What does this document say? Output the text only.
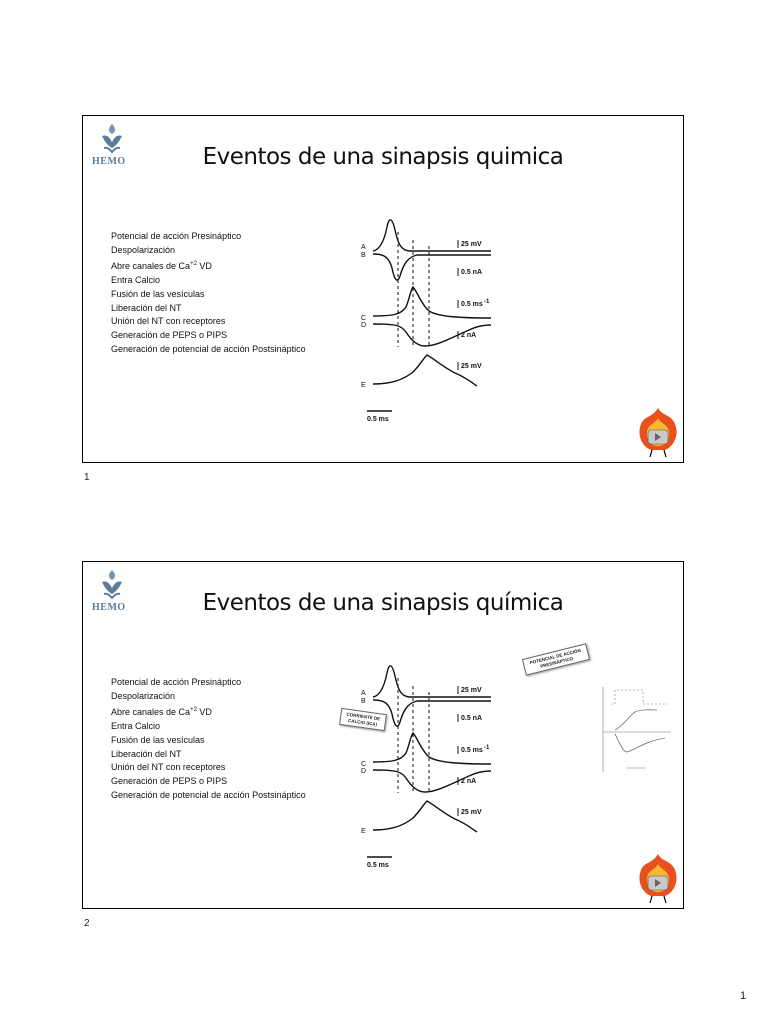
HEMO	Eventos de una sinapsis quimica
Potencial de acción Presináptico
Despolarización
Abre canales de $Ca^{+2}$ VD
Entra Calcio
Fusión de las vesículas
Liberación del NT
Unión del NT con receptores
Generación de PEPS o PIPS
Generación de potencial de acción Postsináptico
25 mV
0.5 nA
0.5 ms -1
2 nA
25 mV
0.5 ms
A
B
C
D
E
1
HEMO	Eventos de una sinapsis química
Potencial de acción Presináptico
Despolarización
Abre canales de $Ca^{+2}$ VD
Entra Calcio
Fusión de las vesículas
Liberación del NT
Unión del NT con receptores
Generación de PEPS o PIPS
Generación de potencial de acción Postsináptico
25 mV
0.5 nA
0.5 ms -1
2 nA
25 mV
0.5 ms
A
B
C
D
E
CORRIENTE DE CALCIO (ICA)
POTENCIAL DE ACCIÓN PRESINÁPTICO
2
1
